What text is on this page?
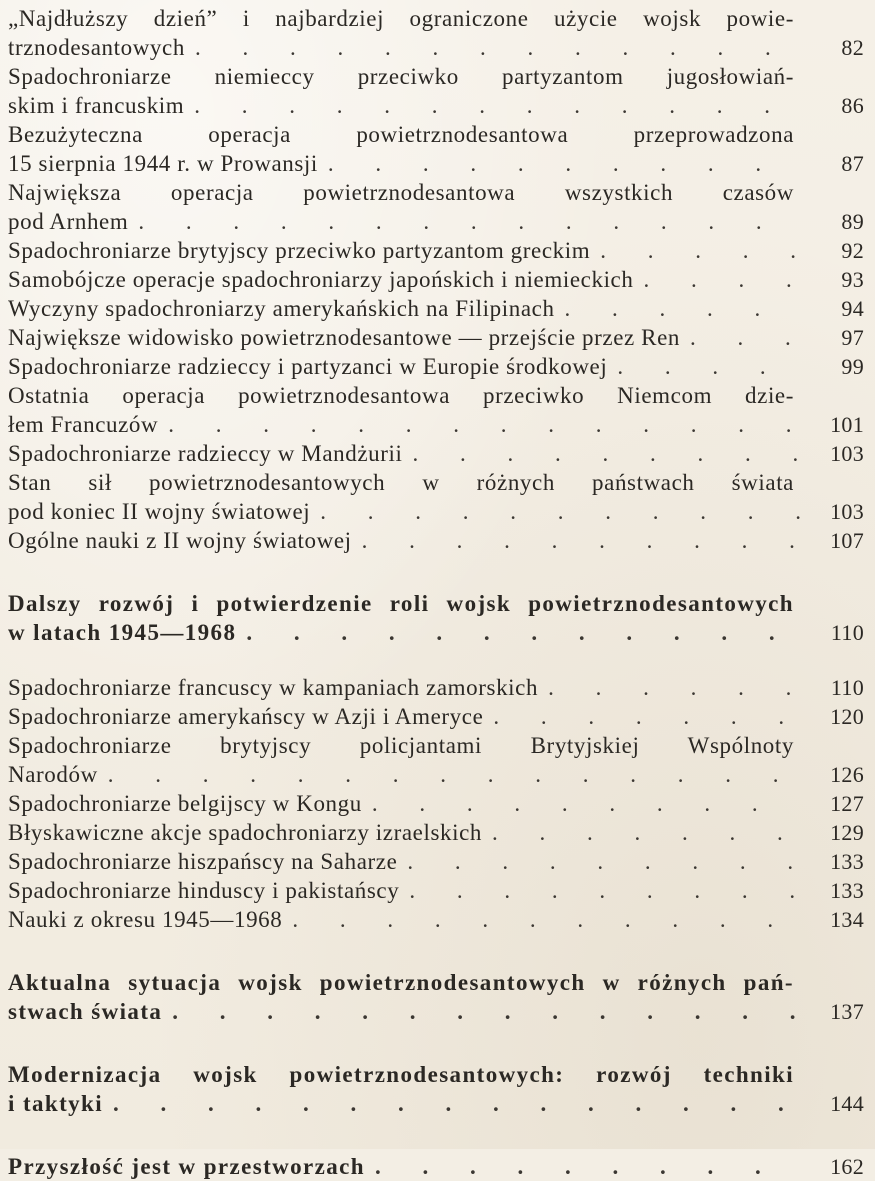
„Najdłuższy dzień” i najbardziej ograniczone użycie wojsk powie-
trznodesantowych . . .	82
Spadochroniarze niemieccy przeciwko partyzantom jugosłowiań-
skim i francuskim . . .	86
Bezużyteczna operacja powietrznodesantowa przeprowadzona
15 sierpnia 1944 r. w Prowansji . . .	87
Największa operacja powietrznodesantowa wszystkich czasów
pod Arnhem . . .	89
Spadochroniarze brytyjscy przeciwko partyzantom greckim . . .	92
Samobójcze operacje spadochroniarzy japońskich i niemieckich . . .	93
Wyczyny spadochroniarzy amerykańskich na Filipinach . . .	94
Największe widowisko powietrznodesantowe — przejście przez Ren . . .	97
Spadochroniarze radzieccy i partyzanci w Europie środkowej . . .	99
Ostatnia operacja powietrznodesantowa przeciwko Niemcom dzie-
łem Francuzów . . .	101
Spadochroniarze radzieccy w Mandżurii . . .	103
Stan sił powietrznodesantowych w różnych państwach świata
pod koniec II wojny światowej . . .	103
Ogólne nauki z II wojny światowej . . .	107
Dalszy rozwój i potwierdzenie roli wojsk powietrznodesantowych
w latach 1945—1968 . . .	110
Spadochroniarze francuscy w kampaniach zamorskich . . .	110
Spadochroniarze amerykańscy w Azji i Ameryce . . .	120
Spadochroniarze brytyjscy policjantami Brytyjskiej Wspólnoty
Narodów . . .	126
Spadochroniarze belgijscy w Kongu . . .	127
Błyskawiczne akcje spadochroniarzy izraelskich . . .	129
Spadochroniarze hiszpańscy na Saharze . . .	133
Spadochroniarze hinduscy i pakistańscy . . .	133
Nauki z okresu 1945—1968 . . .	134
Aktualna sytuacja wojsk powietrznodesantowych w różnych pań-
stwach świata . . .	137
Modernizacja wojsk powietrznodesantowych: rozwój techniki
i taktyki . . .	144
Przyszłość jest w przestworzach . . .	162
